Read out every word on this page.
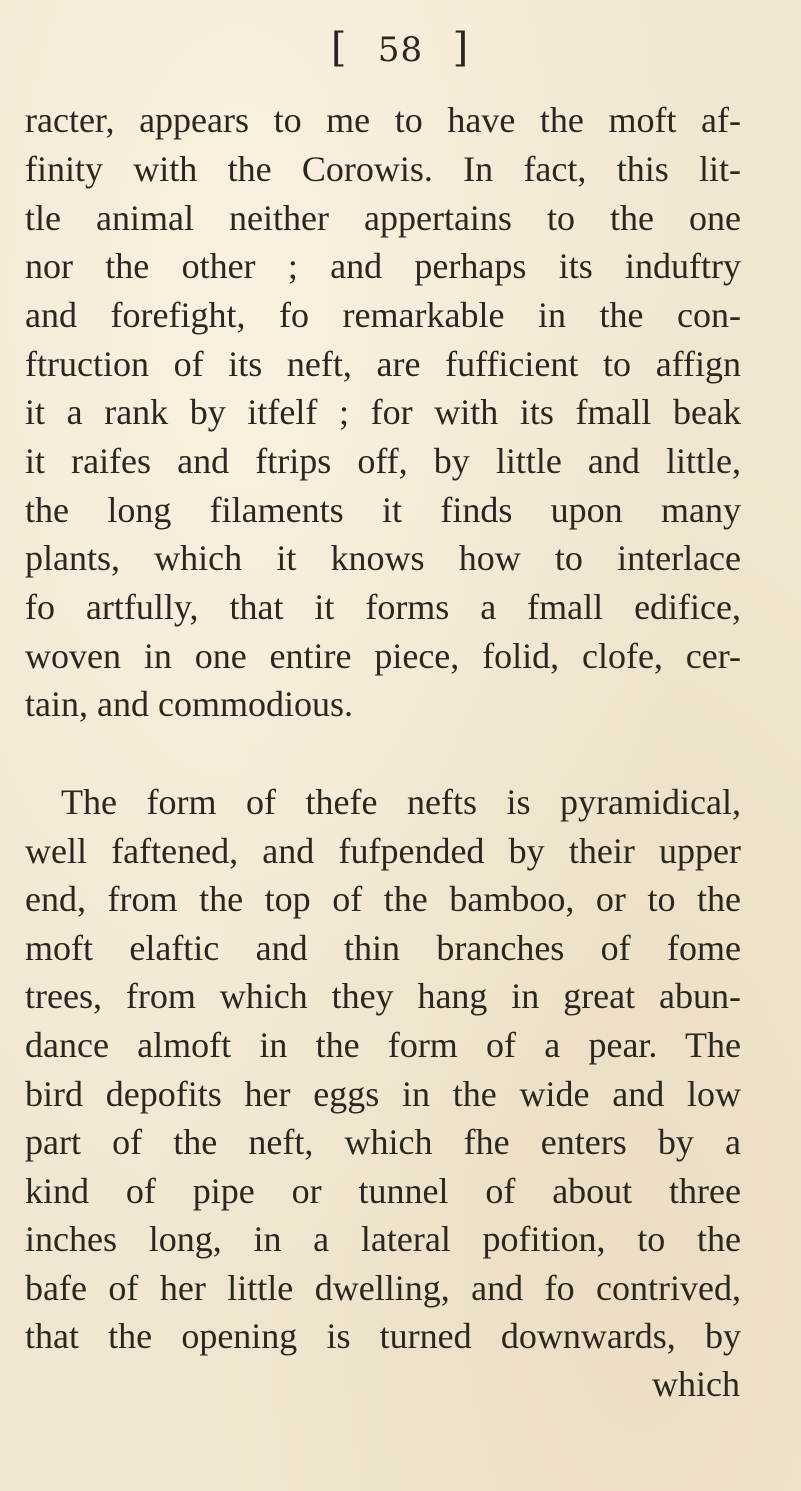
[ 58 ]
racter, appears to me to have the moft af-
finity with the Corowis. In fact, this lit-
tle animal neither appertains to the one
nor the other ; and perhaps its induftry
and forefight, fo remarkable in the con-
ftruction of its neft, are fufficient to affign
it a rank by itfelf ; for with its fmall beak
it raifes and ftrips off, by little and little,
the long filaments it finds upon many
plants, which it knows how to interlace
fo artfully, that it forms a fmall edifice,
woven in one entire piece, folid, clofe, cer-
tain, and commodious.
The form of thefe nefts is pyramidical,
well faftened, and fufpended by their upper
end, from the top of the bamboo, or to the
moft elaftic and thin branches of fome
trees, from which they hang in great abun-
dance almoft in the form of a pear. The
bird depofits her eggs in the wide and low
part of the neft, which fhe enters by a
kind of pipe or tunnel of about three
inches long, in a lateral pofition, to the
bafe of her little dwelling, and fo contrived,
that the opening is turned downwards, by
which
